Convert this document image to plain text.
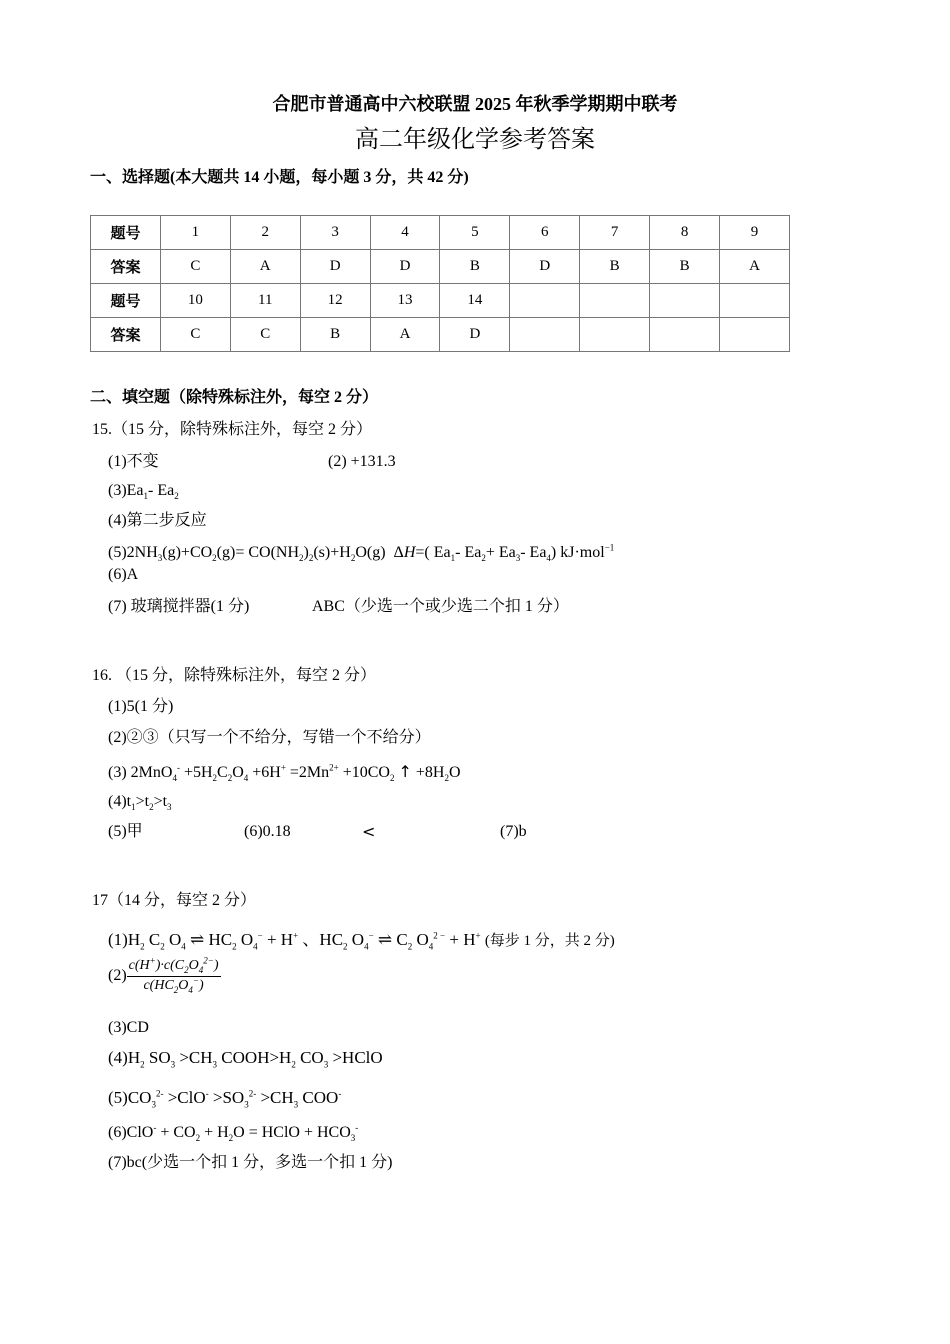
合肥市普通高中六校联盟 2025 年秋季学期期中联考
高二年级化学参考答案
一、选择题(本大题共 14 小题，每小题 3 分，共 42 分)
题号	1	2	3	4	5	6	7	8	9
答案	C	A	D	D	B	D	B	B	A
题号	10	11	12	13	14				
答案	C	C	B	A	D				
二、填空题（除特殊标注外，每空 2 分）
15.（15 分，除特殊标注外，每空 2 分）
(1)不变	(2) +131.3
$(3)Ea_1-$ $Ea_2$
(4)第二步反应
$(5)2NH_3(g)+CO_2(g)= CO(NH_2)_2(s)+H_2O(g)$  ΔH=( $Ea_1-$ $Ea_2+ Ea_3-$ $Ea_4$) kJ·mol$^{-1}$
(6)A
(7) 玻璃搅拌器(1 分)	ABC（少选一个或少选二个扣 1 分）
16. （15 分，除特殊标注外，每空 2 分）
(1)5(1 分)
(2)②③（只写一个不给分，写错一个不给分）
(3) $2MnO_4^- +5H_2C_2O_4 +6H^+ =2Mn^{2+} +10CO_2$ ↑ $+8H_2O$
$(4)t_1>t_2>t_3$
(5)甲	(6)0.18	<	(7)b
17（14 分，每空 2 分）
$(1)H_2$ $C_2$ $O_4$ ⇌ $HC_2$ $O_4^- + H^+$ 、$HC_2$ $O_4^-$ ⇌ $C_2$ $O_4^{2 -} + H^+$ (每步 1 分，共 2 分)
$(2) \frac{c(H^+)\cdot c(C_2O_4^{2-})}{c(HC_2O_4^-)}$
(3)CD
$(4)H_2$ $SO_3 >CH_3$ $COOH>H_2$ $CO_3$ >HClO
$(5)CO_3^{2-} >ClO^- >SO_3^{2-} >CH_3$ COO-
$(6)ClO^- + CO_2 + H_2O$ = HClO + $HCO_3^-$
(7)bc(少选一个扣 1 分，多选一个扣 1 分)
